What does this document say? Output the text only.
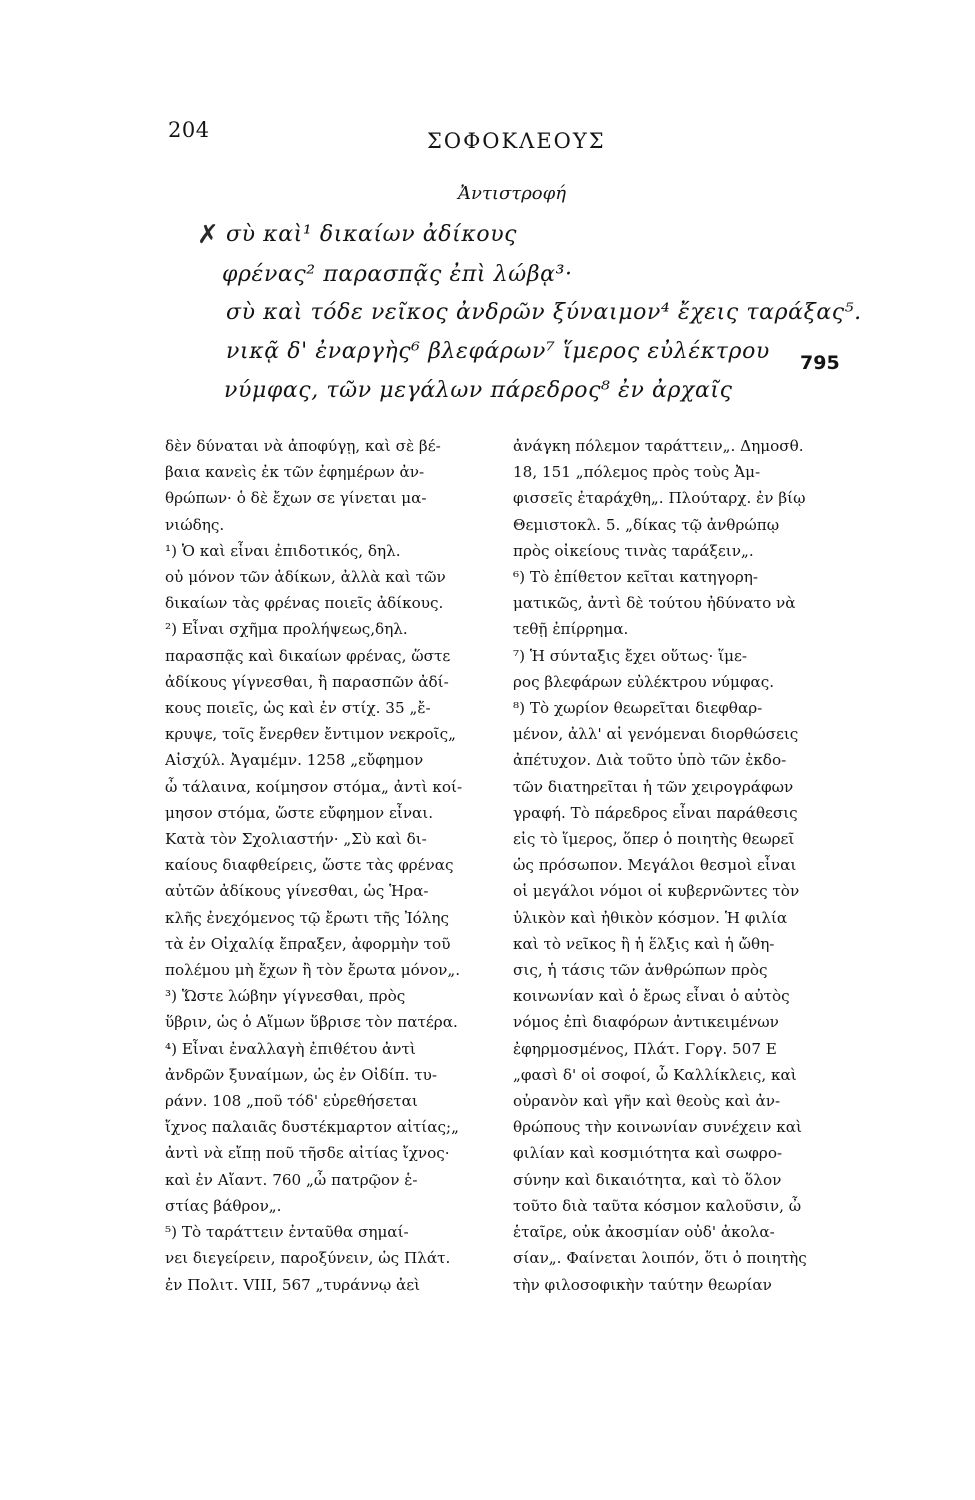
204	ΣΟΦΟΚΛΕΟΥΣ
Ἀντιστροφή
✗ σὺ καὶ¹ δικαίων ἀδίκους
φρένας² παρασπᾷς ἐπὶ λώβᾳ³·
σὺ καὶ τόδε νεῖκος ἀνδρῶν ξύναιμον⁴ ἔχεις ταράξας⁵.
νικᾷ δ' ἐναργὴς⁶ βλεφάρων⁷ ἵμερος εὐλέκτρου
νύμφας, τῶν μεγάλων πάρεδρος⁸ ἐν ἀρχαῖς
795
δὲν δύναται νὰ ἀποφύγῃ, καὶ σὲ βέ-
βαια κανεὶς ἐκ τῶν ἐφημέρων ἀν-
θρώπων· ὁ δὲ ἔχων σε γίνεται μα-
νιώδης.
¹) Ὁ καὶ εἶναι ἐπιδοτικός, δηλ.
οὐ μόνον τῶν ἀδίκων, ἀλλὰ καὶ τῶν
δικαίων τὰς φρένας ποιεῖς ἀδίκους.
²) Εἶναι σχῆμα προλήψεως,δηλ.
παρασπᾷς καὶ δικαίων φρένας, ὥστε
ἀδίκους γίγνεσθαι, ἢ παρασπῶν ἀδί-
κους ποιεῖς, ὡς καὶ ἐν στίχ. 35 „ἔ-
κρυψε, τοῖς ἔνερθεν ἔντιμον νεκροῖς„
Αἰσχύλ. Ἀγαμέμν. 1258 „εὔφημον
ὦ τάλαινα, κοίμησον στόμα„ ἀντὶ κοί-
μησον στόμα, ὥστε εὔφημον εἶναι.
Κατὰ τὸν Σχολιαστήν· „Σὺ καὶ δι-
καίους διαφθείρεις, ὥστε τὰς φρένας
αὐτῶν ἀδίκους γίνεσθαι, ὡς Ἡρα-
κλῆς ἐνεχόμενος τῷ ἔρωτι τῆς Ἰόλης
τὰ ἐν Οἰχαλίᾳ ἔπραξεν, ἀφορμὴν τοῦ
πολέμου μὴ ἔχων ἢ τὸν ἔρωτα μόνον„.
³) Ὥστε λώβην γίγνεσθαι, πρὸς
ὕβριν, ὡς ὁ Αἵμων ὕβρισε τὸν πατέρα.
⁴) Εἶναι ἐναλλαγὴ ἐπιθέτου ἀντὶ
ἀνδρῶν ξυναίμων, ὡς ἐν Οἰδίπ. τυ-
ράνν. 108 „ποῦ τόδ' εὑρεθήσεται
ἴχνος παλαιᾶς δυστέκμαρτον αἰτίας;„
ἀντὶ νὰ εἴπῃ ποῦ τῆσδε αἰτίας ἴχνος·
καὶ ἐν Αἴαντ. 760 „ὦ πατρῷον ἑ-
στίας βάθρον„.
⁵) Τὸ ταράττειν ἐνταῦθα σημαί-
νει διεγείρειν, παροξύνειν, ὡς Πλάτ.
ἐν Πολιτ. VIII, 567 „τυράννῳ ἀεὶ
ἀνάγκη πόλεμον ταράττειν„. Δημοσθ.
18, 151 „πόλεμος πρὸς τοὺς Ἀμ-
φισσεῖς ἐταράχθη„. Πλούταρχ. ἐν βίῳ
Θεμιστοκλ. 5. „δίκας τῷ ἀνθρώπῳ
πρὸς οἰκείους τινὰς ταράξειν„.
⁶) Τὸ ἐπίθετον κεῖται κατηγορη-
ματικῶς, ἀντὶ δὲ τούτου ἠδύνατο νὰ
τεθῇ ἐπίρρημα.
⁷) Ἡ σύνταξις ἔχει οὕτως· ἵμε-
ρος βλεφάρων εὐλέκτρου νύμφας.
⁸) Τὸ χωρίον θεωρεῖται διεφθαρ-
μένον, ἀλλ' αἱ γενόμεναι διορθώσεις
ἀπέτυχον. Διὰ τοῦτο ὑπὸ τῶν ἐκδο-
τῶν διατηρεῖται ἡ τῶν χειρογράφων
γραφή. Τὸ πάρεδρος εἶναι παράθεσις
εἰς τὸ ἵμερος, ὅπερ ὁ ποιητὴς θεωρεῖ
ὡς πρόσωπον. Μεγάλοι θεσμοὶ εἶναι
οἱ μεγάλοι νόμοι οἱ κυβερνῶντες τὸν
ὑλικὸν καὶ ἠθικὸν κόσμον. Ἡ φιλία
καὶ τὸ νεῖκος ἢ ἡ ἕλξις καὶ ἡ ὤθη-
σις, ἡ τάσις τῶν ἀνθρώπων πρὸς
κοινωνίαν καὶ ὁ ἔρως εἶναι ὁ αὐτὸς
νόμος ἐπὶ διαφόρων ἀντικειμένων
ἐφηρμοσμένος, Πλάτ. Γοργ. 507 Ε
„φασὶ δ' οἱ σοφοί, ὦ Καλλίκλεις, καὶ
οὐρανὸν καὶ γῆν καὶ θεοὺς καὶ ἀν-
θρώπους τὴν κοινωνίαν συνέχειν καὶ
φιλίαν καὶ κοσμιότητα καὶ σωφρο-
σύνην καὶ δικαιότητα, καὶ τὸ ὅλον
τοῦτο διὰ ταῦτα κόσμον καλοῦσιν, ὦ
ἑταῖρε, οὐκ ἀκοσμίαν οὐδ' ἀκολα-
σίαν„. Φαίνεται λοιπόν, ὅτι ὁ ποιητὴς
τὴν φιλοσοφικὴν ταύτην θεωρίαν
